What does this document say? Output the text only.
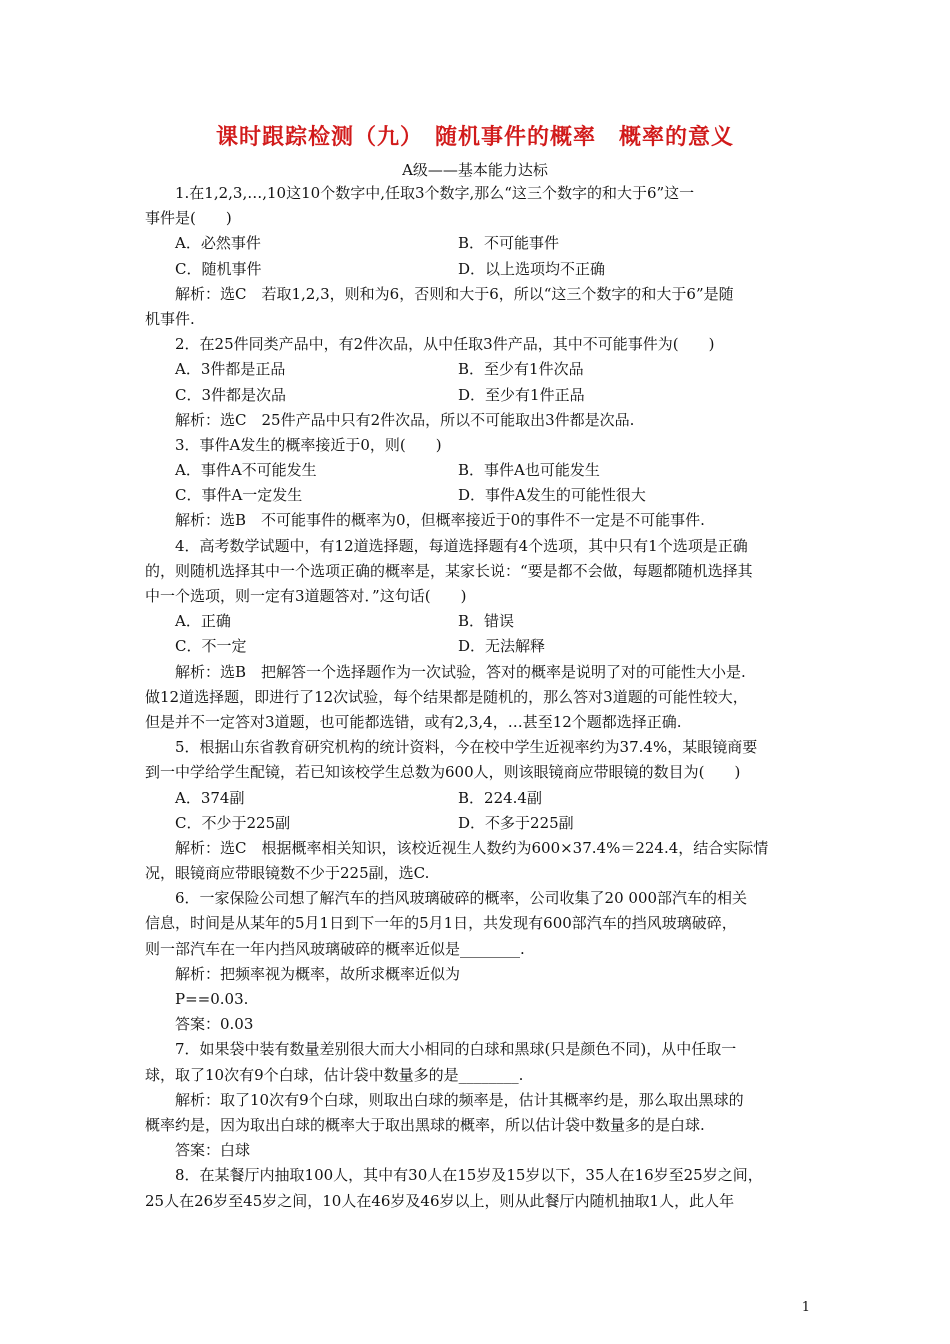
课时跟踪检测（九）　随机事件的概率　概率的意义
A级——基本能力达标
1.在1,2,3,…,10这10个数字中,任取3个数字,那么“这三个数字的和大于6”这一
事件是(　　)
A．必然事件	B．不可能事件
C．随机事件	D．以上选项均不正确
解析：选C　若取1,2,3，则和为6，否则和大于6，所以“这三个数字的和大于6”是随
机事件.
2．在25件同类产品中，有2件次品，从中任取3件产品，其中不可能事件为(　　)
A．3件都是正品	B．至少有1件次品
C．3件都是次品	D．至少有1件正品
解析：选C　25件产品中只有2件次品，所以不可能取出3件都是次品.
3．事件A发生的概率接近于0，则(　　)
A．事件A不可能发生	B．事件A也可能发生
C．事件A一定发生	D．事件A发生的可能性很大
解析：选B　不可能事件的概率为0，但概率接近于0的事件不一定是不可能事件.
4．高考数学试题中，有12道选择题，每道选择题有4个选项，其中只有1个选项是正确
的，则随机选择其中一个选项正确的概率是，某家长说：“要是都不会做，每题都随机选择其
中一个选项，则一定有3道题答对．”这句话(　　)
A．正确	B．错误
C．不一定	D．无法解释
解析：选B　把解答一个选择题作为一次试验，答对的概率是说明了对的可能性大小是.
做12道选择题，即进行了12次试验，每个结果都是随机的，那么答对3道题的可能性较大，
但是并不一定答对3道题，也可能都选错，或有2,3,4，…甚至12个题都选择正确.
5．根据山东省教育研究机构的统计资料，今在校中学生近视率约为37.4%，某眼镜商要
到一中学给学生配镜，若已知该校学生总数为600人，则该眼镜商应带眼镜的数目为(　　)
A．374副	B．224.4副
C．不少于225副	D．不多于225副
解析：选C　根据概率相关知识，该校近视生人数约为600×37.4%＝224.4，结合实际情
况，眼镜商应带眼镜数不少于225副，选C.
6．一家保险公司想了解汽车的挡风玻璃破碎的概率，公司收集了20 000部汽车的相关
信息，时间是从某年的5月1日到下一年的5月1日，共发现有600部汽车的挡风玻璃破碎，
则一部汽车在一年内挡风玻璃破碎的概率近似是________.
解析：把频率视为概率，故所求概率近似为
P==0.03.
答案：0.03
7．如果袋中装有数量差别很大而大小相同的白球和黑球(只是颜色不同)，从中任取一
球，取了10次有9个白球，估计袋中数量多的是________.
解析：取了10次有9个白球，则取出白球的频率是，估计其概率约是，那么取出黑球的
概率约是，因为取出白球的概率大于取出黑球的概率，所以估计袋中数量多的是白球.
答案：白球
8．在某餐厅内抽取100人，其中有30人在15岁及15岁以下，35人在16岁至25岁之间，
25人在26岁至45岁之间，10人在46岁及46岁以上，则从此餐厅内随机抽取1人，此人年
1
